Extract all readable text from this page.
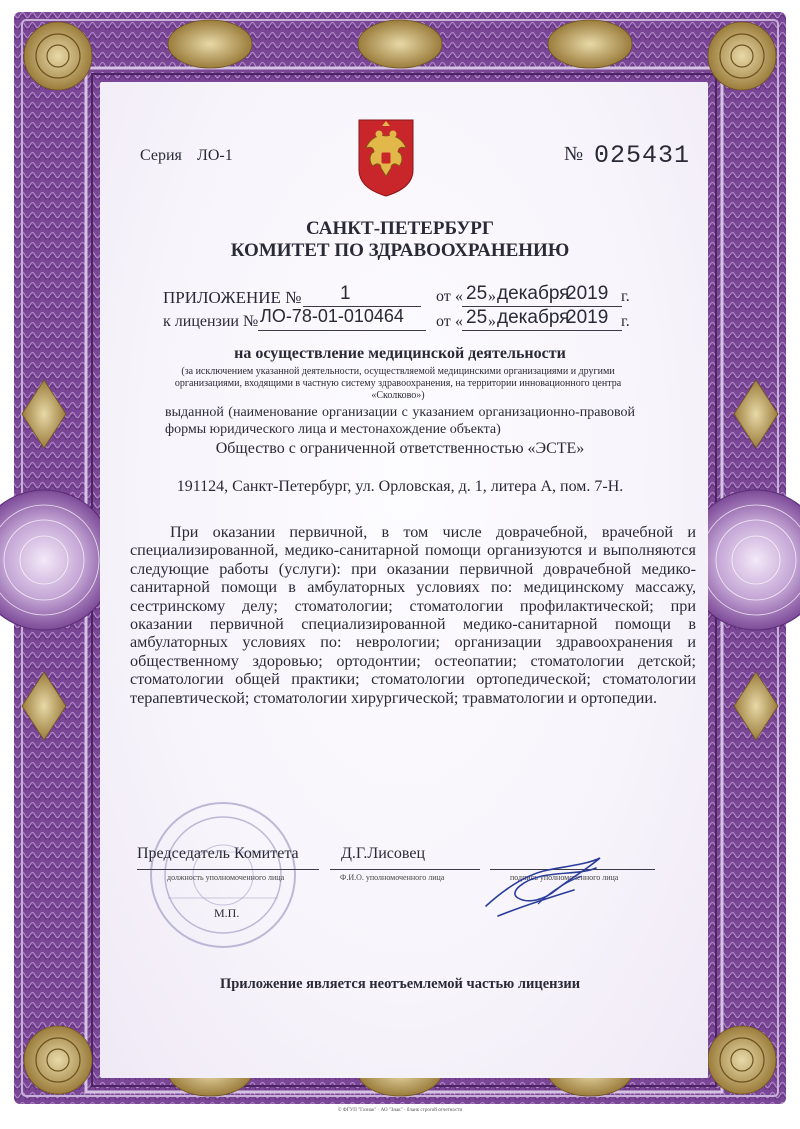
Серия ЛО-1	№ 025431
САНКТ-ПЕТЕРБУРГ
КОМИТЕТ ПО ЗДРАВООХРАНЕНИЮ
ПРИЛОЖЕНИЕ № 1	от « 25 » декабря
2019 г.
к лицензии № ЛО-78-01-010464 от « 25 » декабря
2019 г.
на осуществление медицинской деятельности
(за исключением указанной деятельности, осуществляемой медицинскими организациями и другими организациями, входящими в частную систему здравоохранения, на территории инновационного центра «Сколково»)
выданной (наименование организации с указанием организационно-правовой формы юридического лица и местонахождение объекта)
Общество с ограниченной ответственностью «ЭСТЕ»
191124, Санкт-Петербург, ул. Орловская, д. 1, литера А, пом. 7-Н.
При оказании первичной, в том числе доврачебной, врачебной и специализированной, медико-санитарной помощи организуются и выполняются следующие работы (услуги): при оказании первичной доврачебной медико-санитарной помощи в амбулаторных условиях по: медицинскому массажу, сестринскому делу; стоматологии; стоматологии профилактической; при оказании первичной специализированной медико-санитарной помощи в амбулаторных условиях по: неврологии; организации здравоохранения и общественному здоровью; ортодонтии; остеопатии; стоматологии детской; стоматологии общей практики; стоматологии ортопедической; стоматологии терапевтической; стоматологии хирургической; травматологии и ортопедии.
Председатель Комитета	Д.Г.Лисовец
должность уполномоченного лица	Ф.И.О. уполномоченного лица	подпись уполномоченного лица
М.П.
Приложение является неотъемлемой частью лицензии
© ФГУП "Гознак" · АО "Знак" · бланк строгой отчетности
